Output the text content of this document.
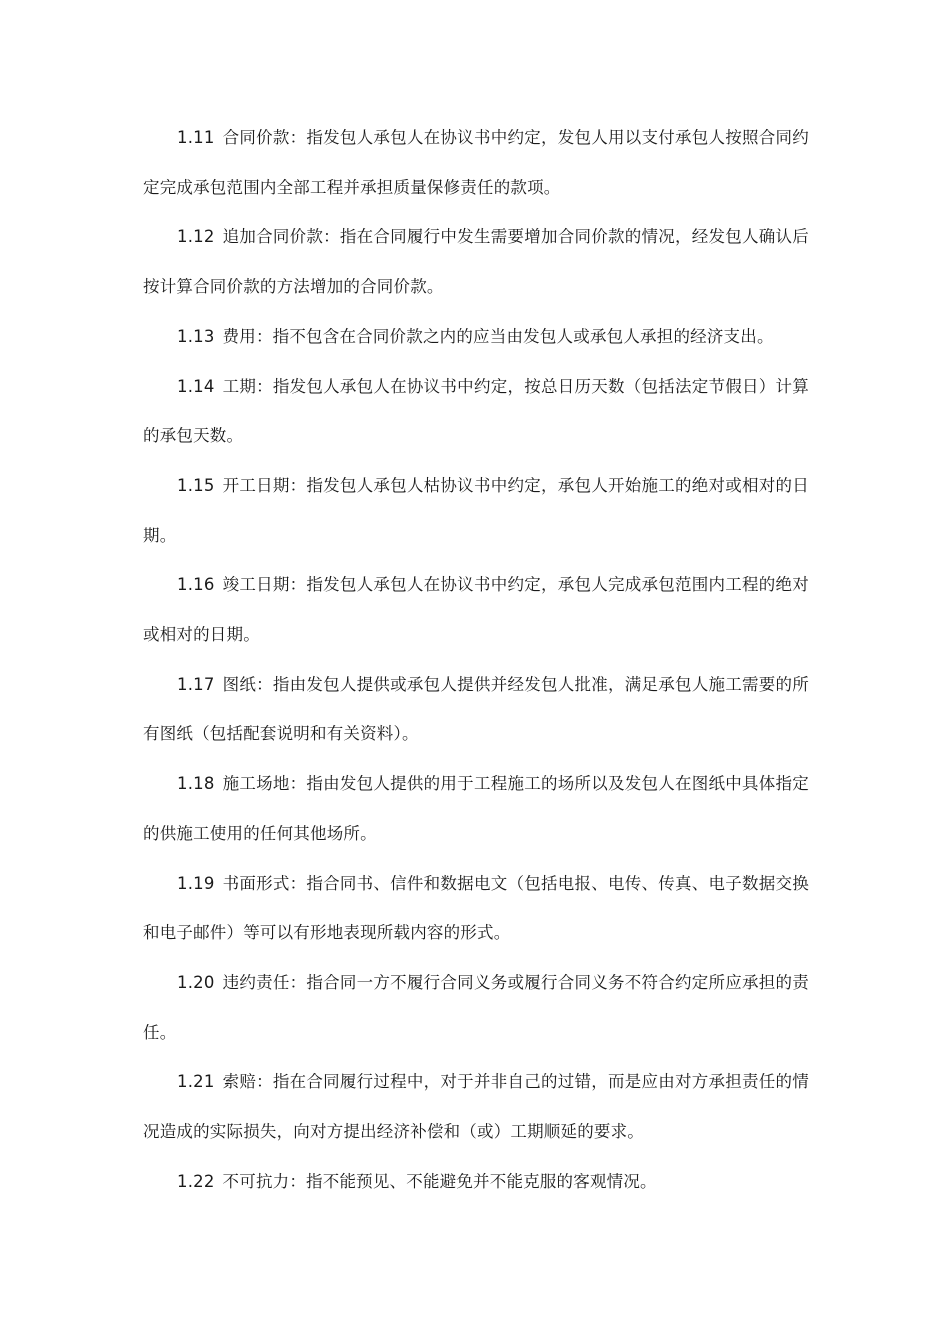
1.11 合同价款：指发包人承包人在协议书中约定，发包人用以支付承包人按照合同约定完成承包范围内全部工程并承担质量保修责任的款项。

1.12 追加合同价款：指在合同履行中发生需要增加合同价款的情况，经发包人确认后按计算合同价款的方法增加的合同价款。

1.13 费用：指不包含在合同价款之内的应当由发包人或承包人承担的经济支出。

1.14 工期：指发包人承包人在协议书中约定，按总日历天数（包括法定节假日）计算的承包天数。

1.15 开工日期：指发包人承包人枯协议书中约定，承包人开始施工的绝对或相对的日期。

1.16 竣工日期：指发包人承包人在协议书中约定，承包人完成承包范围内工程的绝对或相对的日期。

1.17 图纸：指由发包人提供或承包人提供并经发包人批准，满足承包人施工需要的所有图纸（包括配套说明和有关资料）。

1.18 施工场地：指由发包人提供的用于工程施工的场所以及发包人在图纸中具体指定的供施工使用的任何其他场所。

1.19 书面形式：指合同书、信件和数据电文（包括电报、电传、传真、电子数据交换和电子邮件）等可以有形地表现所载内容的形式。

1.20 违约责任：指合同一方不履行合同义务或履行合同义务不符合约定所应承担的责任。

1.21 索赔：指在合同履行过程中，对于并非自己的过错，而是应由对方承担责任的情况造成的实际损失，向对方提出经济补偿和（或）工期顺延的要求。

1.22 不可抗力：指不能预见、不能避免并不能克服的客观情况。
